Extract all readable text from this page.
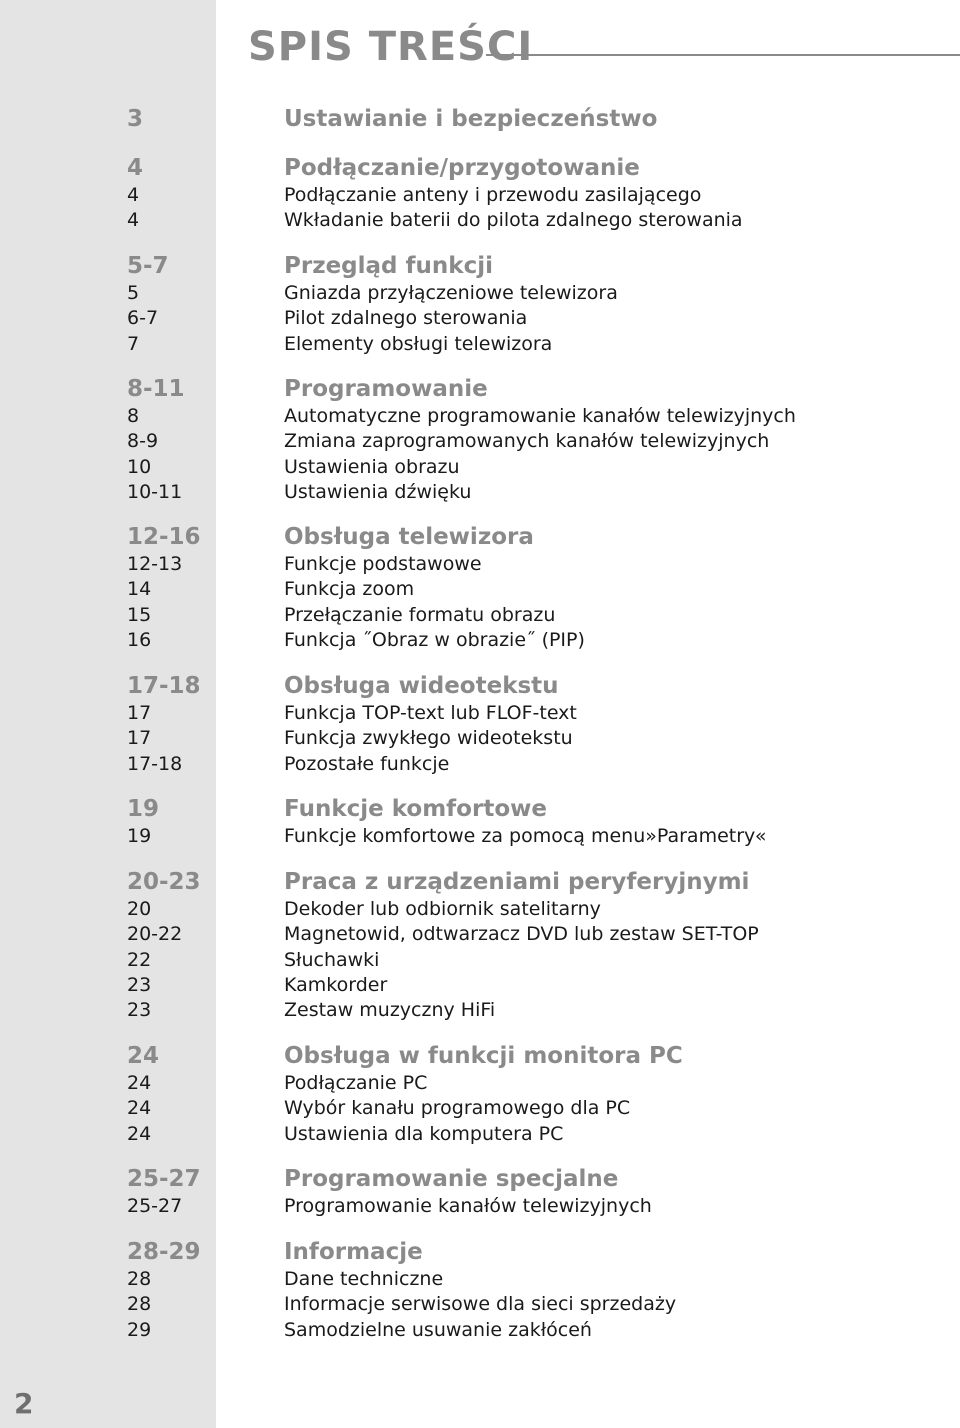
SPIS TREŚCI
3	Ustawianie i bezpieczeństwo
4	Podłączanie/przygotowanie
4	Podłączanie anteny i przewodu zasilającego
4	Wkładanie baterii do pilota zdalnego sterowania
5-7	Przegląd funkcji
5	Gniazda przyłączeniowe telewizora
6-7	Pilot zdalnego sterowania
7	Elementy obsługi telewizora
8-11	Programowanie
8	Automatyczne programowanie kanałów telewizyjnych
8-9	Zmiana zaprogramowanych kanałów telewizyjnych
10	Ustawienia obrazu
10-11	Ustawienia dźwięku
12-16	Obsługa telewizora
12-13	Funkcje podstawowe
14	Funkcja zoom
15	Przełączanie formatu obrazu
16	Funkcja ˝Obraz w obrazie˝ (PIP)
17-18	Obsługa wideotekstu
17	Funkcja TOP-text lub FLOF-text
17	Funkcja zwykłego wideotekstu
17-18	Pozostałe funkcje
19	Funkcje komfortowe
19	Funkcje komfortowe za pomocą menu»Parametry«
20-23	Praca z urządzeniami peryferyjnymi
20	Dekoder lub odbiornik satelitarny
20-22	Magnetowid, odtwarzacz DVD lub zestaw SET-TOP
22	Słuchawki
23	Kamkorder
23	Zestaw muzyczny HiFi
24	Obsługa w funkcji monitora PC
24	Podłączanie PC
24	Wybór kanału programowego dla PC
24	Ustawienia dla komputera PC
25-27	Programowanie specjalne
25-27	Programowanie kanałów telewizyjnych
28-29	Informacje
28	Dane techniczne
28	Informacje serwisowe dla sieci sprzedaży
29	Samodzielne usuwanie zakłóceń
2
